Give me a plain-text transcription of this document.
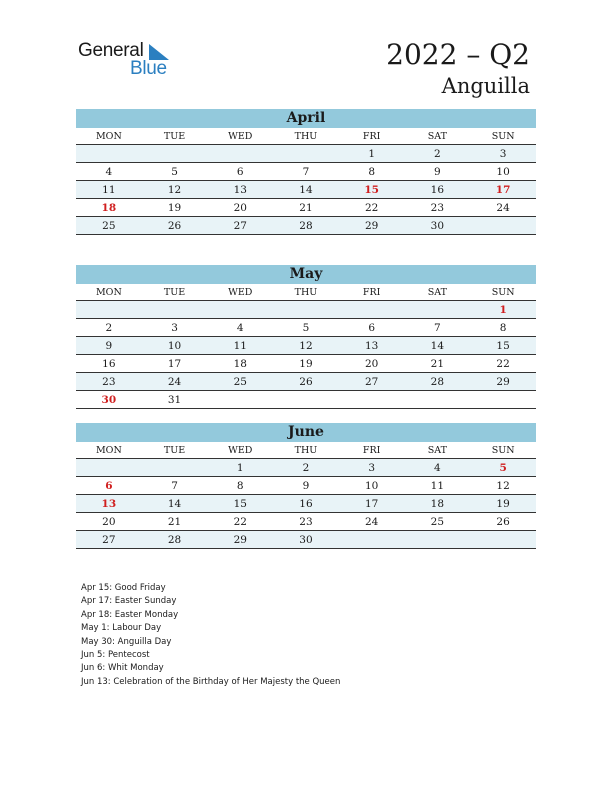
General
Blue	2022 – Q2
Anguilla
April
MON	TUE	WED	THU	FRI	SAT	SUN
				1	2	3
4	5	6	7	8	9	10
11	12	13	14	15	16	17
18	19	20	21	22	23	24
25	26	27	28	29	30	
May
MON	TUE	WED	THU	FRI	SAT	SUN
						1
2	3	4	5	6	7	8
9	10	11	12	13	14	15
16	17	18	19	20	21	22
23	24	25	26	27	28	29
30	31					
June
MON	TUE	WED	THU	FRI	SAT	SUN
		1	2	3	4	5
6	7	8	9	10	11	12
13	14	15	16	17	18	19
20	21	22	23	24	25	26
27	28	29	30			
Apr 15: Good Friday
Apr 17: Easter Sunday
Apr 18: Easter Monday
May 1: Labour Day
May 30: Anguilla Day
Jun 5: Pentecost
Jun 6: Whit Monday
Jun 13: Celebration of the Birthday of Her Majesty the Queen
